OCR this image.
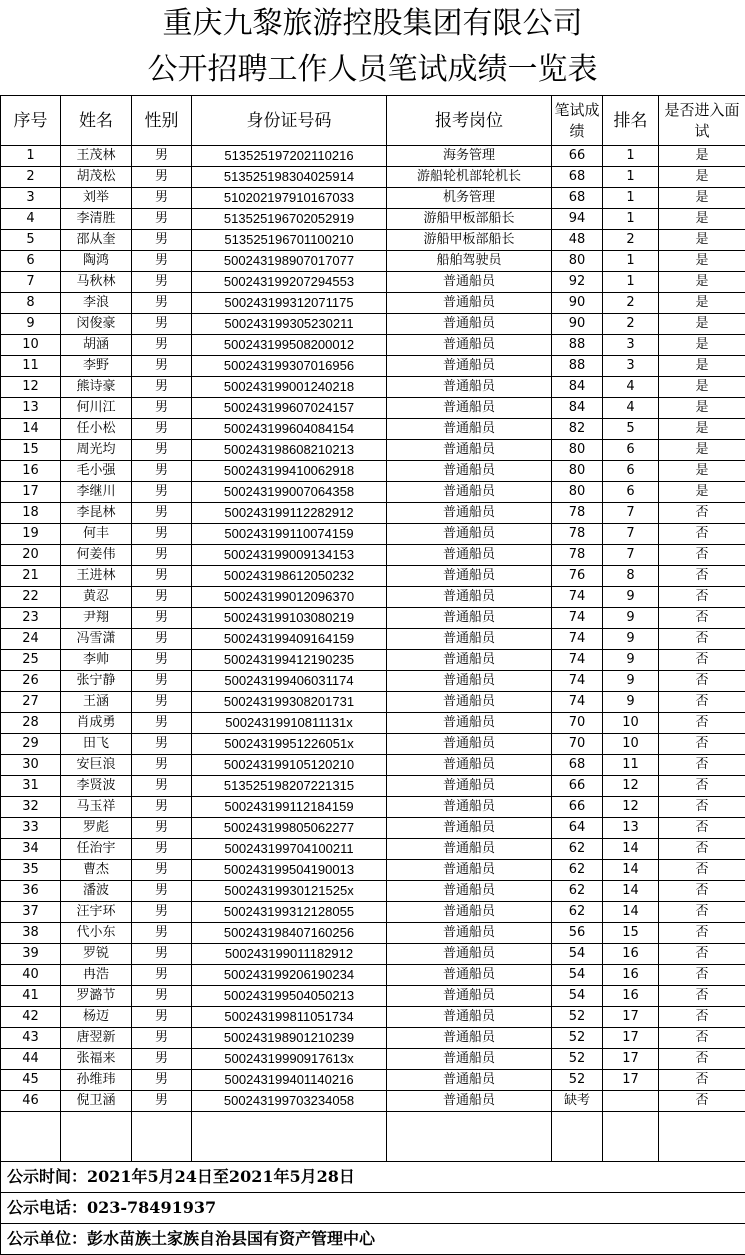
重庆九黎旅游控股集团有限公司
公开招聘工作人员笔试成绩一览表
序号	姓名	性别	身份证号码	报考岗位	笔试成绩	排名	是否进入面试
1	王茂林	男	513525197202110216	海务管理	66	1	是
2	胡茂松	男	513525198304025914	游船轮机部轮机长	68	1	是
3	刘举	男	510202197910167033	机务管理	68	1	是
4	李清胜	男	513525196702052919	游船甲板部船长	94	1	是
5	邵从奎	男	513525196701100210	游船甲板部船长	48	2	是
6	陶鸿	男	500243198907017077	船舶驾驶员	80	1	是
7	马秋林	男	500243199207294553	普通船员	92	1	是
8	李浪	男	500243199312071175	普通船员	90	2	是
9	闵俊豪	男	500243199305230211	普通船员	90	2	是
10	胡涵	男	500243199508200012	普通船员	88	3	是
11	李野	男	500243199307016956	普通船员	88	3	是
12	熊诗豪	男	500243199001240218	普通船员	84	4	是
13	何川江	男	500243199607024157	普通船员	84	4	是
14	任小松	男	500243199604084154	普通船员	82	5	是
15	周光均	男	500243198608210213	普通船员	80	6	是
16	毛小强	男	500243199410062918	普通船员	80	6	是
17	李继川	男	500243199007064358	普通船员	80	6	是
18	李昆林	男	500243199112282912	普通船员	78	7	否
19	何丰	男	500243199110074159	普通船员	78	7	否
20	何姜伟	男	500243199009134153	普通船员	78	7	否
21	王进林	男	500243198612050232	普通船员	76	8	否
22	黄忍	男	500243199012096370	普通船员	74	9	否
23	尹翔	男	500243199103080219	普通船员	74	9	否
24	冯雪潇	男	500243199409164159	普通船员	74	9	否
25	李帅	男	500243199412190235	普通船员	74	9	否
26	张宁静	男	500243199406031174	普通船员	74	9	否
27	王涵	男	500243199308201731	普通船员	74	9	否
28	肖成勇	男	50024319910811131x	普通船员	70	10	否
29	田飞	男	50024319951226051x	普通船员	70	10	否
30	安巨浪	男	500243199105120210	普通船员	68	11	否
31	李贤波	男	513525198207221315	普通船员	66	12	否
32	马玉祥	男	500243199112184159	普通船员	66	12	否
33	罗彪	男	500243199805062277	普通船员	64	13	否
34	任治宇	男	500243199704100211	普通船员	62	14	否
35	曹杰	男	500243199504190013	普通船员	62	14	否
36	潘波	男	50024319930121525x	普通船员	62	14	否
37	汪宇环	男	500243199312128055	普通船员	62	14	否
38	代小东	男	500243198407160256	普通船员	56	15	否
39	罗锐	男	500243199011182912	普通船员	54	16	否
40	冉浩	男	500243199206190234	普通船员	54	16	否
41	罗潞节	男	500243199504050213	普通船员	54	16	否
42	杨迈	男	500243199811051734	普通船员	52	17	否
43	唐翌新	男	500243198901210239	普通船员	52	17	否
44	张福来	男	50024319990917613x	普通船员	52	17	否
45	孙维玮	男	500243199401140216	普通船员	52	17	否
46	倪卫涵	男	500243199703234058	普通船员	缺考		否

公示时间：2021年5月24日至2021年5月28日							
公示电话：023-78491937							
公示单位：彭水苗族土家族自治县国有资产管理中心							
